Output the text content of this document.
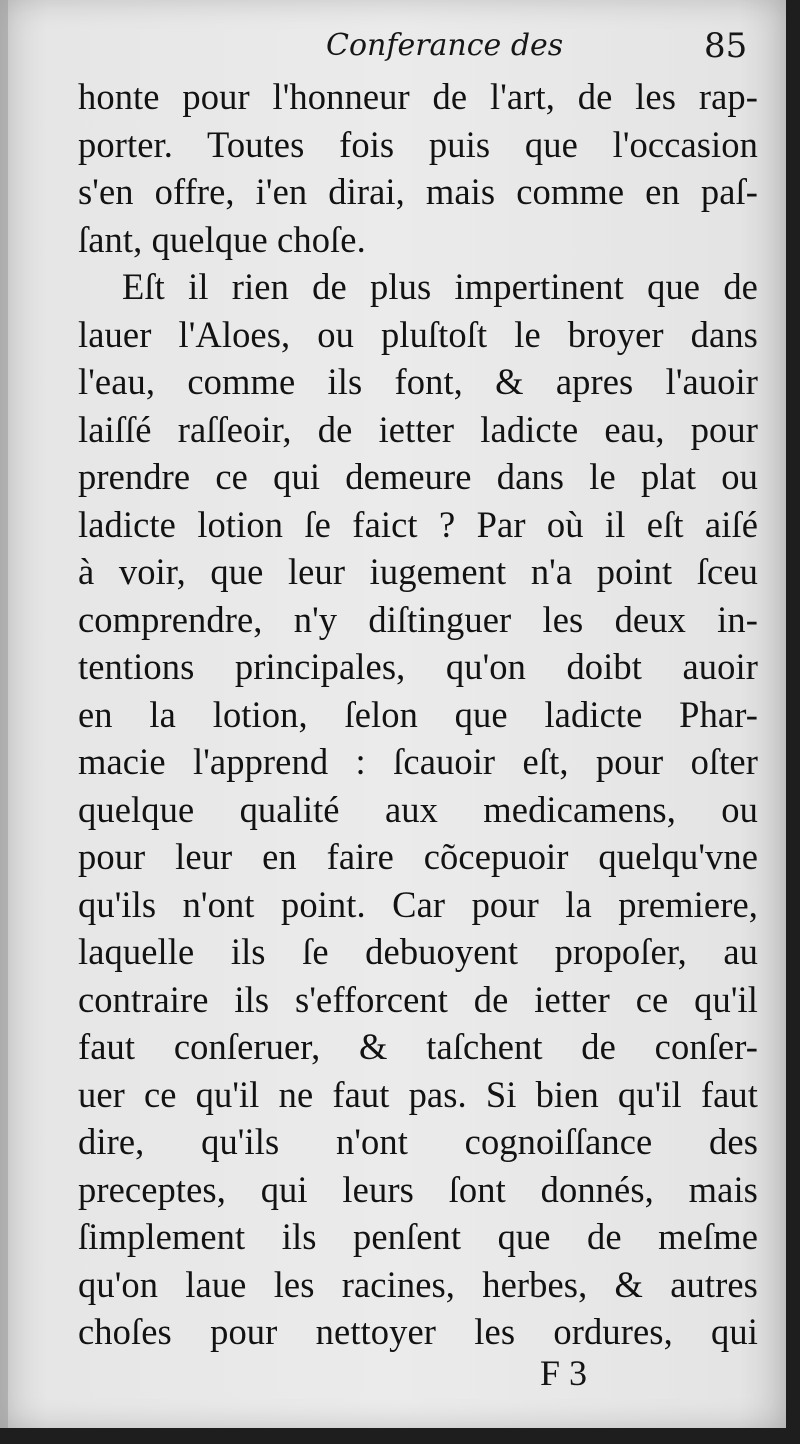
Conferance des	85
honte pour l'honneur de l'art, de les rap-
porter. Toutes fois puis que l'occasion
s'en offre, i'en dirai, mais comme en paſ-
ſant, quelque choſe.
Eſt il rien de plus impertinent que de
lauer l'Aloes, ou pluſtoſt le broyer dans
l'eau, comme ils font, & apres l'auoir
laiſſé raſſeoir, de ietter ladicte eau, pour
prendre ce qui demeure dans le plat ou
ladicte lotion ſe faict ? Par où il eſt aiſé
à voir, que leur iugement n'a point ſceu
comprendre, n'y diſtinguer les deux in-
tentions principales, qu'on doibt auoir
en la lotion, ſelon que ladicte Phar-
macie l'apprend : ſcauoir eſt, pour oſter
quelque qualité aux medicamens, ou
pour leur en faire cõcepuoir quelqu'vne
qu'ils n'ont point. Car pour la premiere,
laquelle ils ſe debuoyent propoſer, au
contraire ils s'efforcent de ietter ce qu'il
faut conſeruer, & taſchent de conſer-
uer ce qu'il ne faut pas. Si bien qu'il faut
dire, qu'ils n'ont cognoiſſance des
preceptes, qui leurs ſont donnés, mais
ſimplement ils penſent que de meſme
qu'on laue les racines, herbes, & autres
choſes pour nettoyer les ordures, qui
F 3
